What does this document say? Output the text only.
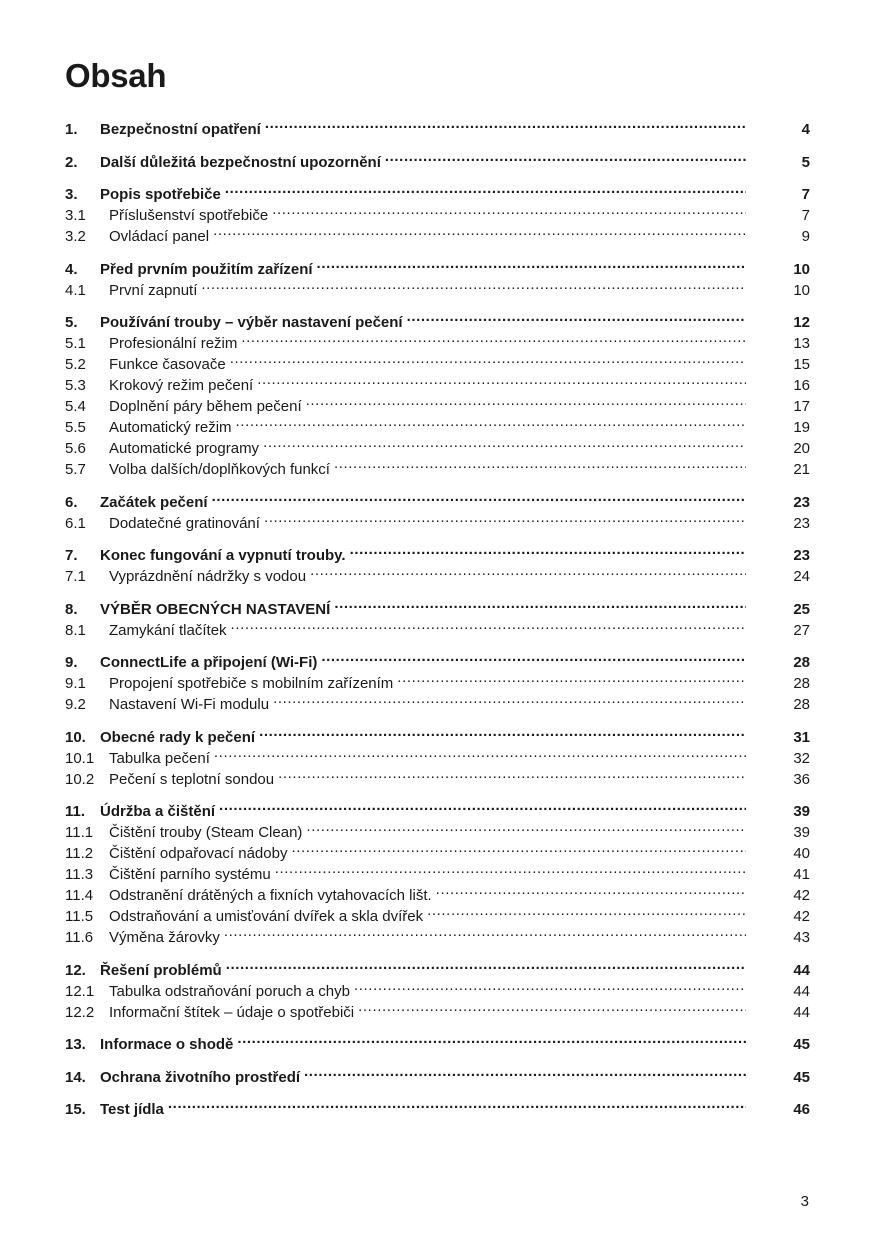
Obsah
1.	Bezpečnostní opatření .....	4
2.	Další důležitá bezpečnostní upozornění .....	5
3.	Popis spotřebiče .....	7
3.1	Příslušenství spotřebiče .....	7
3.2	Ovládací panel .....	9
4.	Před prvním použitím zařízení .....	10
4.1	První zapnutí .....	10
5.	Používání trouby – výběr nastavení pečení .....	12
5.1	Profesionální režim .....	13
5.2	Funkce časovače .....	15
5.3	Krokový režim pečení .....	16
5.4	Doplnění páry během pečení .....	17
5.5	Automatický režim .....	19
5.6	Automatické programy .....	20
5.7	Volba dalších/doplňkových funkcí .....	21
6.	Začátek pečení .....	23
6.1	Dodatečné gratinování .....	23
7.	Konec fungování a vypnutí trouby. .....	23
7.1	Vyprázdnění nádržky s vodou .....	24
8.	VÝBĚR OBECNÝCH NASTAVENÍ .....	25
8.1	Zamykání tlačítek .....	27
9.	ConnectLife a připojení (Wi-Fi) .....	28
9.1	Propojení spotřebiče s mobilním zařízením .....	28
9.2	Nastavení Wi-Fi modulu .....	28
10. Obecné rady k pečení .....	31
10.1 Tabulka pečení .....	32
10.2 Pečení s teplotní sondou .....	36
11. Údržba a čištění .....	39
11.1	Čištění trouby (Steam Clean) .....	39
11.2	Čištění odpařovací nádoby .....	40
11.3	Čištění parního systému .....	41
11.4	Odstranění drátěných a fixních vytahovacích lišt. .....	42
11.5	Odstraňování a umisťování dvířek a skla dvířek .....	42
11.6	Výměna žárovky .....	43
12. Řešení problémů .....	44
12.1 Tabulka odstraňování poruch a chyb .....	44
12.2 Informační štítek – údaje o spotřebiči .....	44
13. Informace o shodě .....	45
14. Ochrana životního prostředí .....	45
15. Test jídla .....	46
3
